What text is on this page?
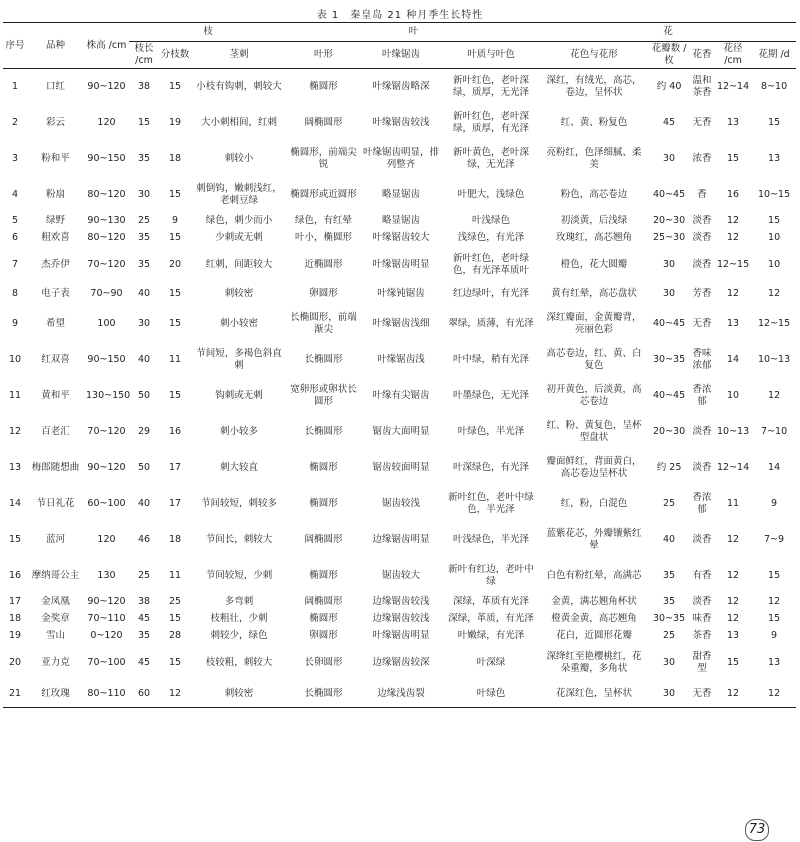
表 1　秦皇岛 21 种月季生长特性
序号	品种	株高 /cm	枝			叶			花				
			枝长 /cm	分枝数	茎刺	叶形	叶缘锯齿	叶质与叶色	花色与花形	花瓣数 / 枚	花香	花径 /cm	花期 /d
1	口红	90~120	38	15	小枝有钩刺，刺较大	椭圆形	叶缘锯齿略深	新叶红色，老叶深绿，质厚，无光泽	深红，有绒光，高芯，卷边，呈怀状	约 40	温和茶香	12~14	8~10
2	彩云	120	15	19	大小刺相间，红刺	阔椭圆形	叶缘锯齿较浅	新叶红色，老叶深绿，质厚，有光泽	红、黄、粉复色	45	无香	13	15
3	粉和平	90~150	35	18	刺较小	椭圆形，前端尖锐	叶缘锯齿明显，排列整齐	新叶黄色，老叶深绿，无光泽	亮粉红，色泽细腻、柔美	30	浓香	15	13
4	粉扇	80~120	30	15	刺倒钩，嫩刺浅红，老刺豆绿	椭圆形或近圆形	略显锯齿	叶肥大，浅绿色	粉色，高芯卷边	40~45	香	16	10~15
5	绿野	90~130	25	9	绿色，刺少而小	绿色，有红晕	略显锯齿	叶浅绿色	初淡黄，后浅绿	20~30	淡香	12	15
6	粗欢喜	80~120	35	15	少刺或无刺	叶小，椭圆形	叶缘锯齿较大	浅绿色，有光泽	玫瑰红，高芯翘角	25~30	淡香	12	10
7	杰乔伊	70~120	35	20	红刺，间距较大	近椭圆形	叶缘锯齿明显	新叶红色，老叶绿色，有光泽革质叶	橙色，花大圆瓣	30	淡香	12~15	10
8	电子表	70~90	40	15	刺较密	卵圆形	叶缘钝锯齿	红边绿叶，有光泽	黄有红晕，高芯盘状	30	芳香	12	12
9	希望	100	30	15	刺小较密	长椭圆形，前端渐尖	叶缘锯齿浅细	翠绿，质薄，有光泽	深红瓣面，金黄瓣背，亮丽色彩	40~45	无香	13	12~15
10	红双喜	90~150	40	11	节间短，多褐色斜直刺	长椭圆形	叶缘锯齿浅	叶中绿，稍有光泽	高芯卷边，红、黄、白复色	30~35	香味浓郁	14	10~13
11	黄和平	130~150	50	15	钩刺或无刺	宽卵形或卵状长圆形	叶缘有尖锯齿	叶墨绿色，无光泽	初开黄色，后淡黄，高芯卷边	40~45	香浓郁	10	12
12	百老汇	70~120	29	16	刺小较多	长椭圆形	锯齿大面明显	叶绿色，半光泽	红、粉、黄复色，呈杯型盘状	20~30	淡香	10~13	7~10
13	梅郎随想曲	90~120	50	17	刺大较直	椭圆形	锯齿较面明显	叶深绿色，有光泽	瓣面鲜红，背面黄白，高芯卷边呈杯状	约 25	淡香	12~14	14
14	节日礼花	60~100	40	17	节间较短，刺较多	椭圆形	锯齿较浅	新叶红色，老叶中绿色，半光泽	红，粉，白混色	25	香浓郁	11	9
15	蓝河	120	46	18	节间长，刺较大	阔椭圆形	边缘锯齿明显	叶浅绿色，半光泽	蓝紫花芯，外瓣镶紫红晕	40	淡香	12	7~9
16	摩纳哥公主	130	25	11	节间较短，少刺	椭圆形	锯齿较大	新叶有红边，老叶中绿	白色有粉红晕，高满芯	35	有香	12	15
17	金凤凰	90~120	38	25	多弯刺	阔椭圆形	边缘锯齿较浅	深绿，革质有光泽	金黄，满芯翘角杯状	35	淡香	12	12
18	金奖章	70~110	45	15	枝粗壮，少刺	椭圆形	边缘锯齿较浅	深绿，革质，有光泽	橙黄金黄，高芯翘角	30~35	味香	12	15
19	雪山	0~120	35	28	刺较少，绿色	卵圆形	叶缘锯齿明显	叶嫩绿，有光泽	花白，近圆形花瓣	25	茶香	13	9
20	亚力克	70~100	45	15	枝较粗，刺较大	长卵圆形	边缘锯齿较深	叶深绿	深绛红至艳樱桃红，花朵重瓣，多角状	30	甜香型	15	13
21	红玫瑰	80~110	60	12	刺较密	长椭圆形	边缘浅齿裂	叶绿色	花深红色，呈杯状	30	无香	12	12
73
